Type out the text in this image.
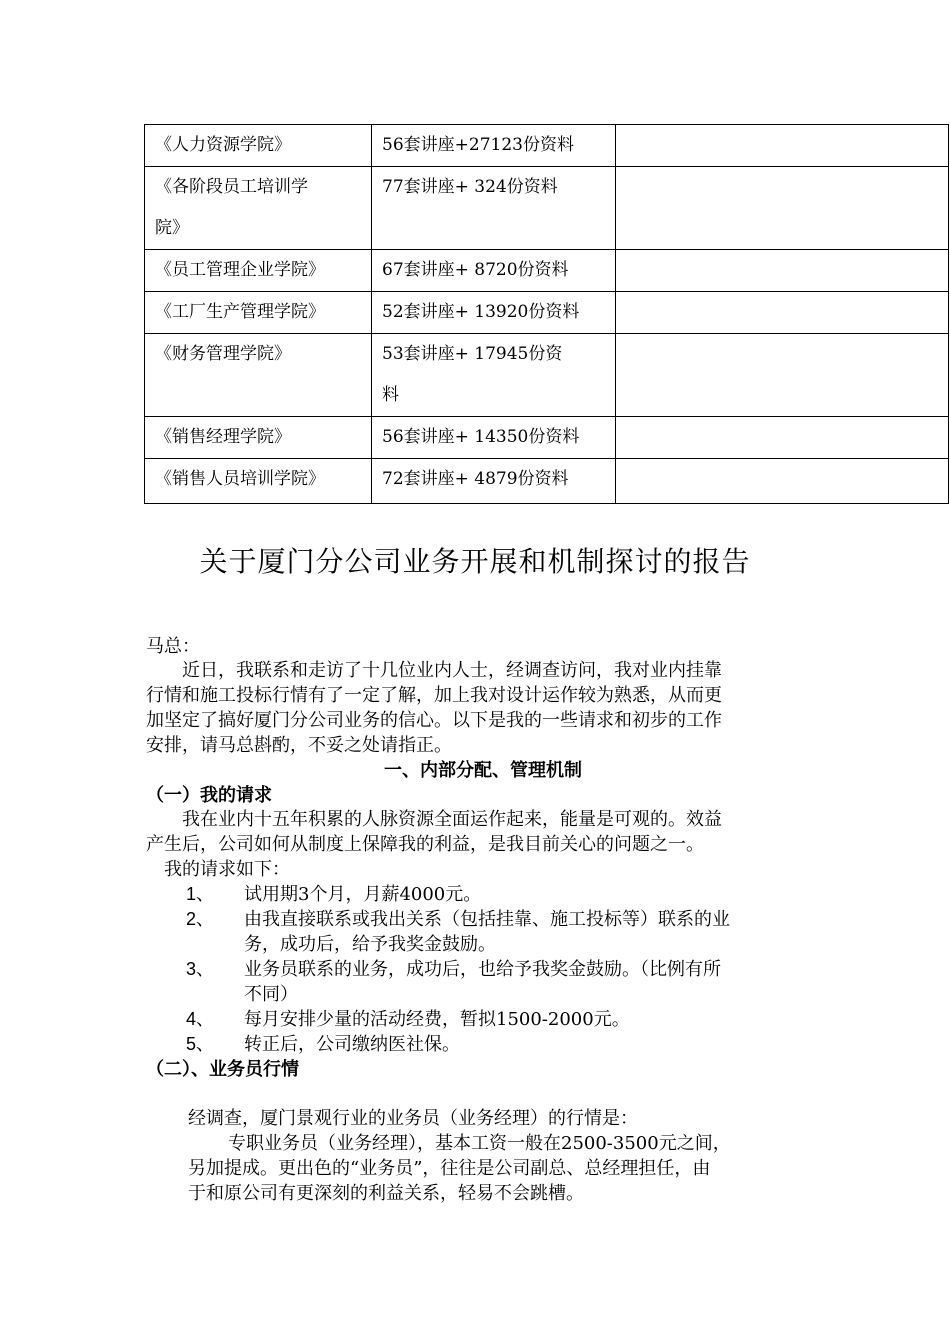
《人力资源学院》	56套讲座+27123份资料	
《各阶段员工培训学
院》	77套讲座+ 324份资料	
《员工管理企业学院》	67套讲座+ 8720份资料	
《工厂生产管理学院》	52套讲座+ 13920份资料	
《财务管理学院》	53套讲座+ 17945份资
料	
《销售经理学院》	56套讲座+ 14350份资料	
《销售人员培训学院》	72套讲座+ 4879份资料	
关于厦门分公司业务开展和机制探讨的报告
马总：
近日，我联系和走访了十几位业内人士，经调查访问，我对业内挂靠
行情和施工投标行情有了一定了解，加上我对设计运作较为熟悉，从而更
加坚定了搞好厦门分公司业务的信心。以下是我的一些请求和初步的工作
安排，请马总斟酌，不妥之处请指正。
一、内部分配、管理机制
（一）我的请求
我在业内十五年积累的人脉资源全面运作起来，能量是可观的。效益
产生后，公司如何从制度上保障我的利益，是我目前关心的问题之一。
我的请求如下：
1、 试用期3个月，月薪4000元。
2、 由我直接联系或我出关系（包括挂靠、施工投标等）联系的业
务，成功后，给予我奖金鼓励。
3、 业务员联系的业务，成功后，也给予我奖金鼓励。（比例有所
不同）
4、 每月安排少量的活动经费，暂拟1500-2000元。
5、 转正后，公司缴纳医社保。
（二）、业务员行情
经调查，厦门景观行业的业务员（业务经理）的行情是：
专职业务员（业务经理），基本工资一般在2500-3500元之间，
另加提成。更出色的“业务员”，往往是公司副总、总经理担任，由
于和原公司有更深刻的利益关系，轻易不会跳槽。
